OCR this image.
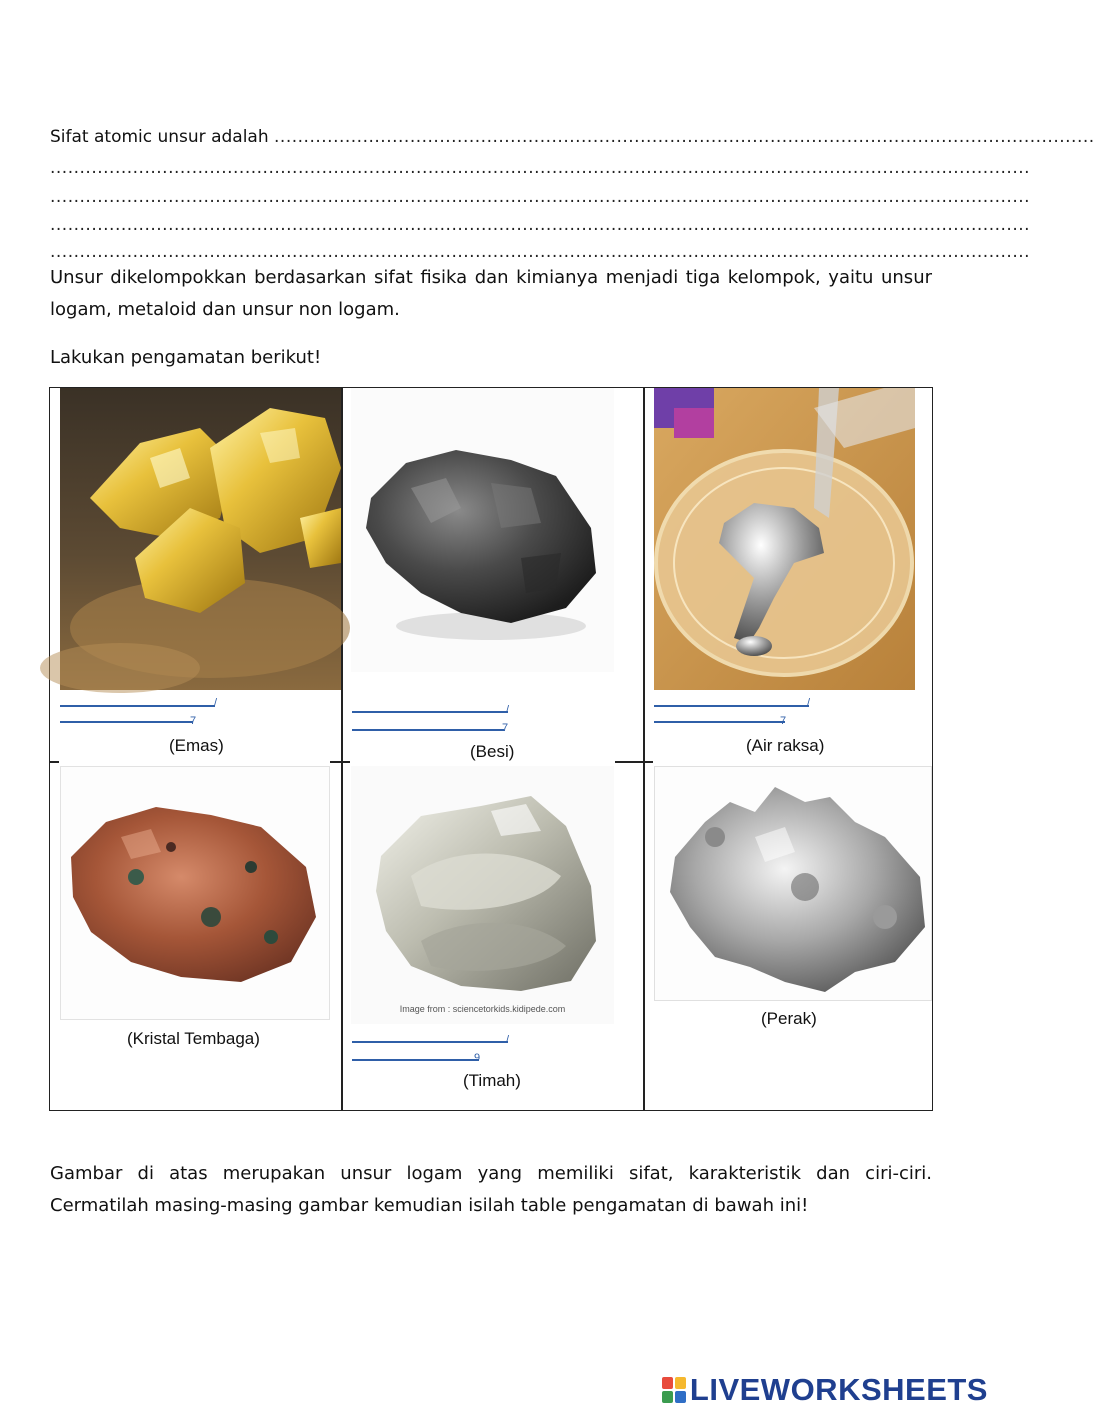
Sifat atomic unsur adalah ...........................................................................................................................................
......................................................................................................................................................................
......................................................................................................................................................................
......................................................................................................................................................................
......................................................................................................................................................................
Unsur dikelompokkan berdasarkan sifat fisika dan kimianya menjadi tiga kelompok, yaitu unsur logam, metaloid dan unsur non logam.
Lakukan pengamatan berikut!
/
7
(Emas)
/
7
(Besi)
/
7
(Air raksa)
(Kristal Tembaga)
Image from : sciencetorkids.kidipede.com
/
9
(Timah)
(Perak)
Gambar di atas merupakan unsur logam yang memiliki sifat, karakteristik dan ciri-ciri. Cermatilah masing-masing gambar kemudian isilah table pengamatan di bawah ini!
LIVEWORKSHEETS
